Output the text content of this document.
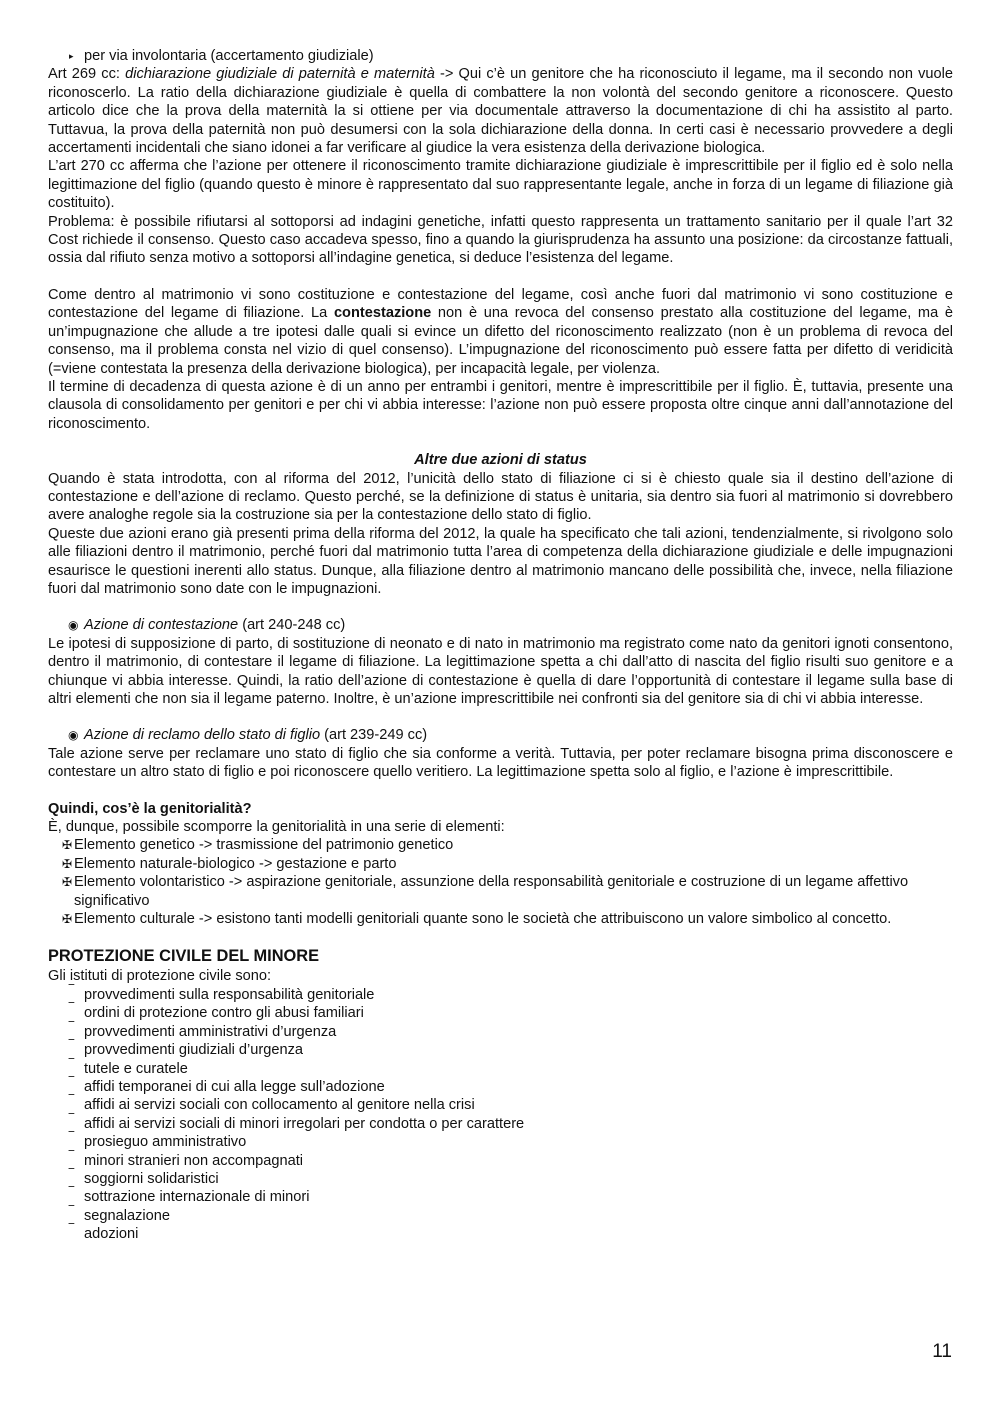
▸ per via involontaria (accertamento giudiziale)

Art 269 cc: dichiarazione giudiziale di paternità e maternità -> Qui c’è un genitore che ha riconosciuto il legame, ma il secondo non vuole riconoscerlo. La ratio della dichiarazione giudiziale è quella di combattere la non volontà del secondo genitore a riconoscere. Questo articolo dice che la prova della maternità la si ottiene per via documentale attraverso la documentazione di chi ha assistito al parto. Tuttavua, la prova della paternità non può desumersi con la sola dichiarazione della donna. In certi casi è necessario provvedere a degli accertamenti incidentali che siano idonei a far verificare al giudice la vera esistenza della derivazione biologica.

L’art 270 cc afferma che l’azione per ottenere il riconoscimento tramite dichiarazione giudiziale è imprescrittibile per il figlio ed è solo nella legittimazione del figlio (quando questo è minore è rappresentato dal suo rappresentante legale, anche in forza di un legame di filiazione già costituito).

Problema: è possibile rifiutarsi al sottoporsi ad indagini genetiche, infatti questo rappresenta un trattamento sanitario per il quale l’art 32 Cost richiede il consenso. Questo caso accadeva spesso, fino a quando la giurisprudenza ha assunto una posizione: da circostanze fattuali, ossia dal rifiuto senza motivo a sottoporsi all’indagine genetica, si deduce l’esistenza del legame.

Come dentro al matrimonio vi sono costituzione e contestazione del legame, così anche fuori dal matrimonio vi sono costituzione e contestazione del legame di filiazione. La contestazione non è una revoca del consenso prestato alla costituzione del legame, ma è un’impugnazione che allude a tre ipotesi dalle quali si evince un difetto del riconoscimento realizzato (non è un problema di revoca del consenso, ma il problema consta nel vizio di quel consenso). L’impugnazione del riconoscimento può essere fatta per difetto di veridicità (=viene contestata la presenza della derivazione biologica), per incapacità legale, per violenza.

Il termine di decadenza di questa azione è di un anno per entrambi i genitori, mentre è imprescrittibile per il figlio. È, tuttavia, presente una clausola di consolidamento per genitori e per chi vi abbia interesse: l’azione non può essere proposta oltre cinque anni dall’annotazione del riconoscimento.

Altre due azioni di status

Quando è stata introdotta, con al riforma del 2012, l’unicità dello stato di filiazione ci si è chiesto quale sia il destino dell’azione di contestazione e dell’azione di reclamo. Questo perché, se la definizione di status è unitaria, sia dentro sia fuori al matrimonio si dovrebbero avere analoghe regole sia la costruzione sia per la contestazione dello stato di figlio.

Queste due azioni erano già presenti prima della riforma del 2012, la quale ha specificato che tali azioni, tendenzialmente, si rivolgono solo alle filiazioni dentro il matrimonio, perché fuori dal matrimonio tutta l’area di competenza della dichiarazione giudiziale e delle impugnazioni esaurisce le questioni inerenti allo status. Dunque, alla filiazione dentro al matrimonio mancano delle possibilità che, invece, nella filiazione fuori dal matrimonio sono date con le impugnazioni.

◉ Azione di contestazione (art 240-248 cc)

Le ipotesi di supposizione di parto, di sostituzione di neonato e di nato in matrimonio ma registrato come nato da genitori ignoti consentono, dentro il matrimonio, di contestare il legame di filiazione. La legittimazione spetta a chi dall’atto di nascita del figlio risulti suo genitore e a chiunque vi abbia interesse. Quindi, la ratio dell’azione di contestazione è quella di dare l’opportunità di contestare il legame sulla base di altri elementi che non sia il legame paterno. Inoltre, è un’azione imprescrittibile nei confronti sia del genitore sia di chi vi abbia interesse.

◉ Azione di reclamo dello stato di figlio (art 239-249 cc)

Tale azione serve per reclamare uno stato di figlio che sia conforme a verità. Tuttavia, per poter reclamare bisogna prima disconoscere e contestare un altro stato di figlio e poi riconoscere quello veritiero. La legittimazione spetta solo al figlio, e l’azione è imprescrittibile.

Quindi, cos’è la genitorialità?

È, dunque, possibile scomporre la genitorialità in una serie di elementi:

✠ Elemento genetico -> trasmissione del patrimonio genetico
✠ Elemento naturale-biologico -> gestazione e parto
✠ Elemento volontaristico -> aspirazione genitoriale, assunzione della responsabilità genitoriale e costruzione di un legame affettivo significativo
✠ Elemento culturale -> esistono tanti modelli genitoriali quante sono le società che attribuiscono un valore simbolico al concetto.

PROTEZIONE CIVILE DEL MINORE

Gli istituti di protezione civile sono:

‾ provvedimenti sulla responsabilità genitoriale
‾ ordini di protezione contro gli abusi familiari
‾ provvedimenti amministrativi d’urgenza
‾ provvedimenti giudiziali d’urgenza
‾ tutele e curatele
‾ affidi temporanei di cui alla legge sull’adozione
‾ affidi ai servizi sociali con collocamento al genitore nella crisi
‾ affidi ai servizi sociali di minori irregolari per condotta o per carattere
‾ prosieguo amministrativo
‾ minori stranieri non accompagnati
‾ soggiorni solidaristici
‾ sottrazione internazionale di minori
‾ segnalazione
‾ adozioni
11
